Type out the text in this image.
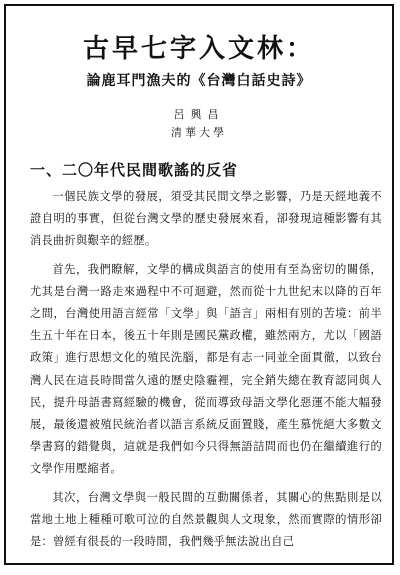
古早七字入文林：
論鹿耳門漁夫的《台灣白話史詩》
呂興昌
清華大學
一、二〇年代民間歌謠的反省

一個民族文學的發展，須受其民間文學之影響，乃是天經地義不證自明的事實，但從台灣文學的歷史發展來看，卻發現這種影響有其消長曲折與艱辛的經歷。

首先，我們瞭解，文學的構成與語言的使用有至為密切的關係，尤其是台灣一路走來過程中不可迴避，然而從十九世紀末以降的百年之間，台灣使用語言經常「文學」與「語言」兩相有別的苦境：前半生五十年在日本，後五十年則是國民黨政權，雖然兩方，尤以「國語政策」進行思想文化的殖民洗腦，都是有志一同並全面貫徹，以致台灣人民在這長時間當久遠的歷史陰霾裡，完全銷失總在教育認同與人民，提升母語書寫經驗的機會，從而導致母語文學化惡運不能大幅發展，最後還被殖民統治者以語言系統反面置賤，產生慕恍絕大多數文學書寫的錯覺與，這就是我們如今只得無語詰問而也仍在繼續進行的文學作用壓縮者。

其次，台灣文學與一般民間的互動關係者，其關心的焦點則是以當地土地上種種可歌可泣的自然景觀與人文現象，然而實際的情形卻是：曾經有很長的一段時間，我們幾乎無法說出自己
